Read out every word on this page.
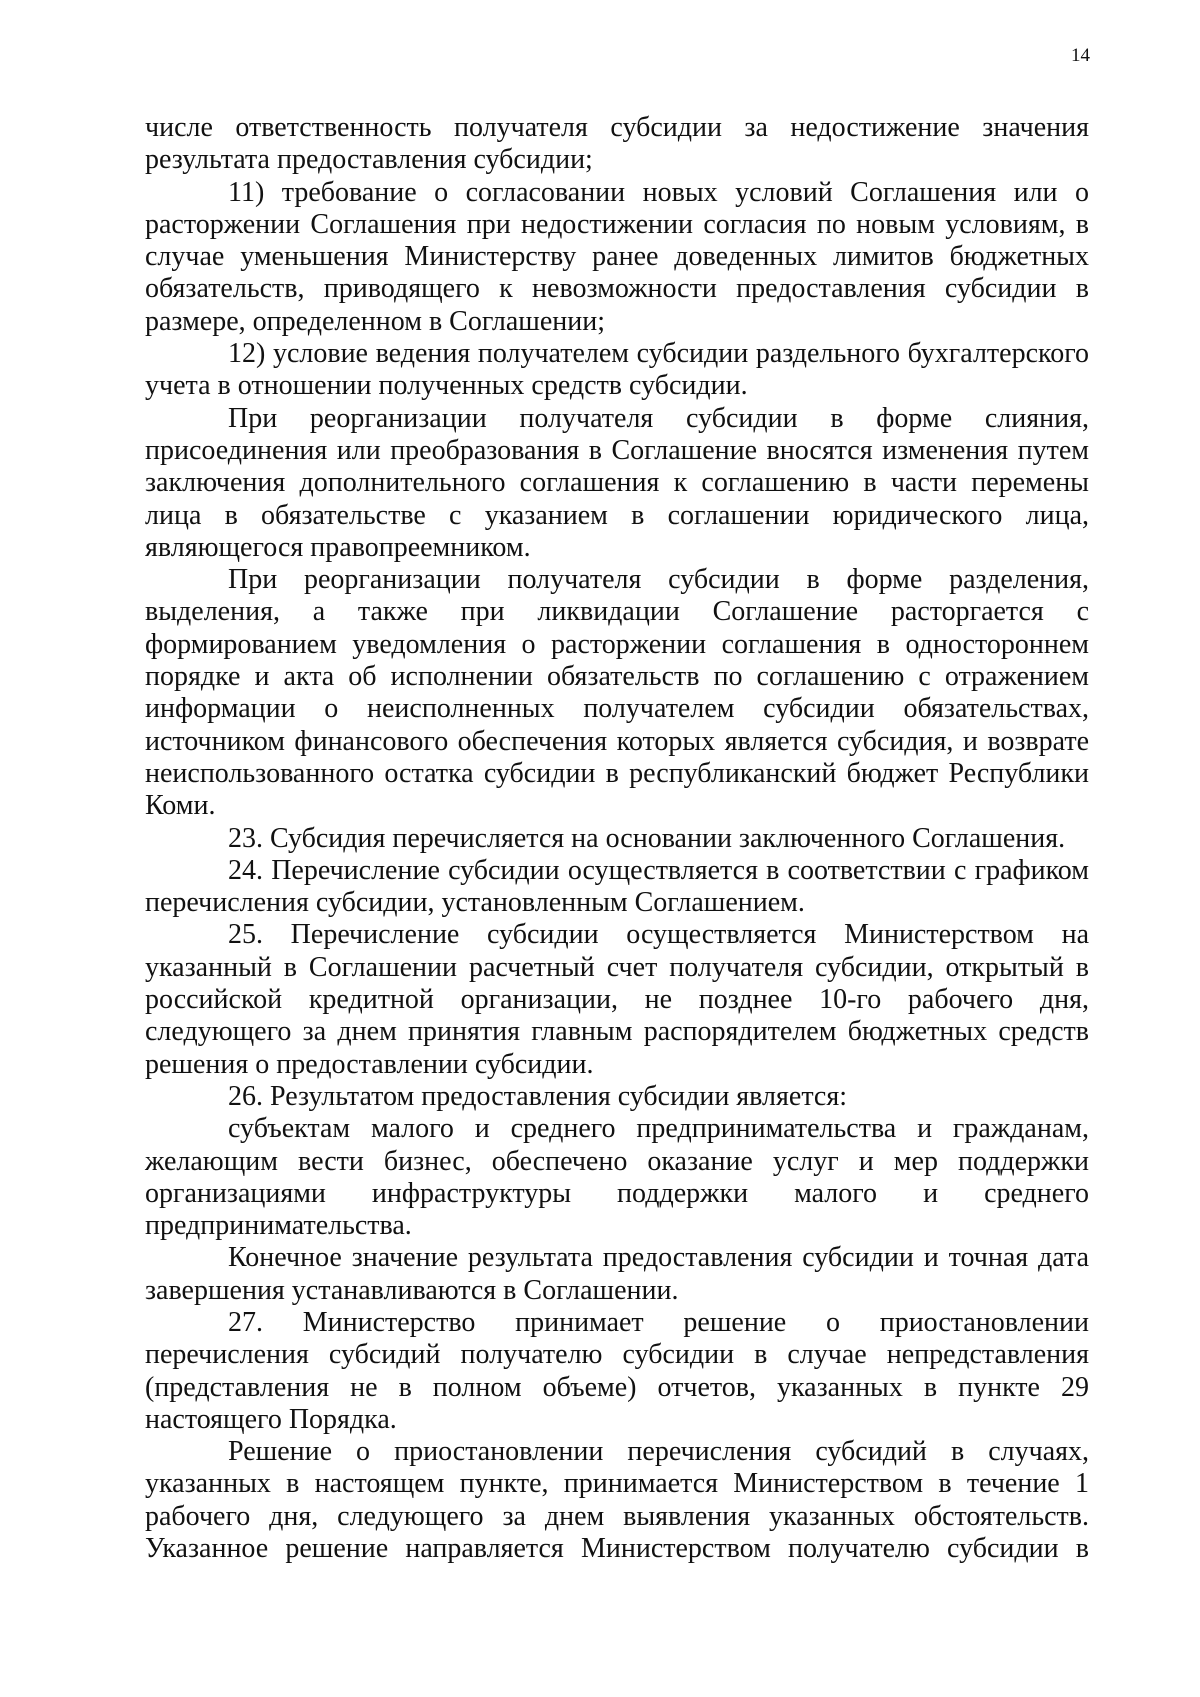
14

числе ответственность получателя субсидии за недостижение значения результата предоставления субсидии;

11) требование о согласовании новых условий Соглашения или о расторжении Соглашения при недостижении согласия по новым условиям, в случае уменьшения Министерству ранее доведенных лимитов бюджетных обязательств, приводящего к невозможности предоставления субсидии в размере, определенном в Соглашении;

12) условие ведения получателем субсидии раздельного бухгалтерского учета в отношении полученных средств субсидии.

При реорганизации получателя субсидии в форме слияния, присоединения или преобразования в Соглашение вносятся изменения путем заключения дополнительного соглашения к соглашению в части перемены лица в обязательстве с указанием в соглашении юридического лица, являющегося правопреемником.

При реорганизации получателя субсидии в форме разделения, выделения, а также при ликвидации Соглашение расторгается с формированием уведомления о расторжении соглашения в одностороннем порядке и акта об исполнении обязательств по соглашению с отражением информации о неисполненных получателем субсидии обязательствах, источником финансового обеспечения которых является субсидия, и возврате неиспользованного остатка субсидии в республиканский бюджет Республики Коми.

23. Субсидия перечисляется на основании заключенного Соглашения.

24. Перечисление субсидии осуществляется в соответствии с графиком перечисления субсидии, установленным Соглашением.

25. Перечисление субсидии осуществляется Министерством на указанный в Соглашении расчетный счет получателя субсидии, открытый в российской кредитной организации, не позднее 10-го рабочего дня, следующего за днем принятия главным распорядителем бюджетных средств решения о предоставлении субсидии.

26. Результатом предоставления субсидии является:

субъектам малого и среднего предпринимательства и гражданам, желающим вести бизнес, обеспечено оказание услуг и мер поддержки организациями инфраструктуры поддержки малого и среднего предпринимательства.

Конечное значение результата предоставления субсидии и точная дата завершения устанавливаются в Соглашении.

27. Министерство принимает решение о приостановлении перечисления субсидий получателю субсидии в случае непредставления (представления не в полном объеме) отчетов, указанных в пункте 29 настоящего Порядка.

Решение о приостановлении перечисления субсидий в случаях, указанных в настоящем пункте, принимается Министерством в течение 1 рабочего дня, следующего за днем выявления указанных обстоятельств. Указанное решение направляется Министерством получателю субсидии в
